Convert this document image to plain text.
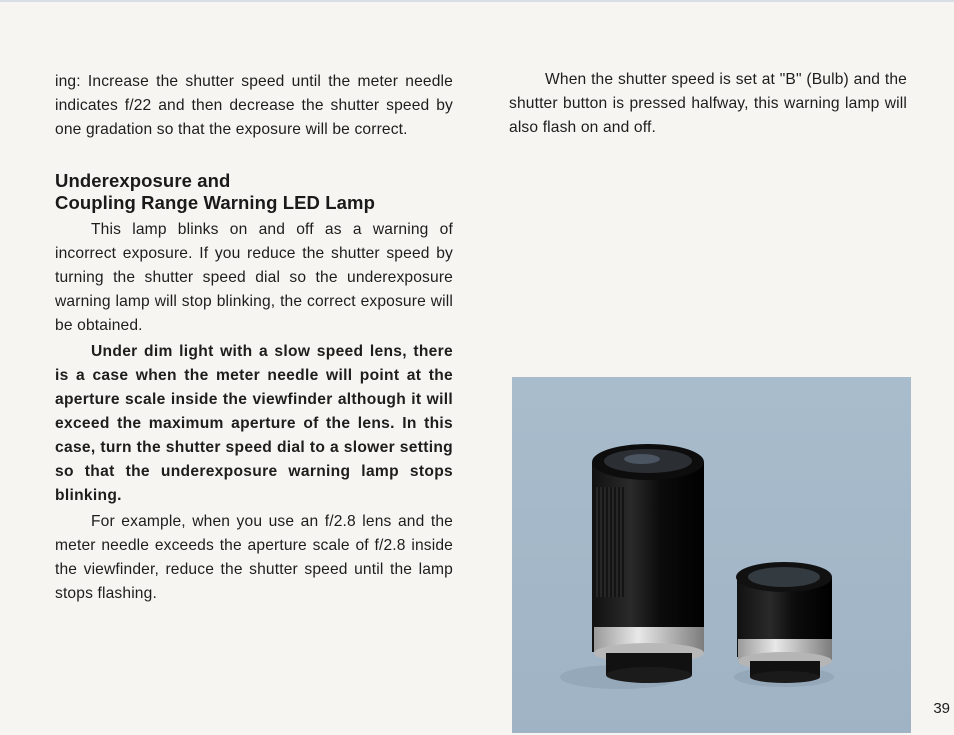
ing: Increase the shutter speed until the meter needle indicates f/22 and then decrease the shutter speed by one gradation so that the exposure will be correct.

Underexposure and
Coupling Range Warning LED Lamp

This lamp blinks on and off as a warning of incorrect exposure. If you reduce the shutter speed by turning the shutter speed dial so the underexposure warning lamp will stop blinking, the correct exposure will be obtained.

Under dim light with a slow speed lens, there is a case when the meter needle will point at the aperture scale inside the viewfinder although it will exceed the maximum aperture of the lens. In this case, turn the shutter speed dial to a slower setting so that the underexposure warning lamp stops blinking.

For example, when you use an f/2.8 lens and the meter needle exceeds the aperture scale of f/2.8 inside the viewfinder, reduce the shutter speed until the lamp stops flashing.

When the shutter speed is set at "B" (Bulb) and the shutter button is pressed halfway, this warning lamp will also flash on and off.

39
